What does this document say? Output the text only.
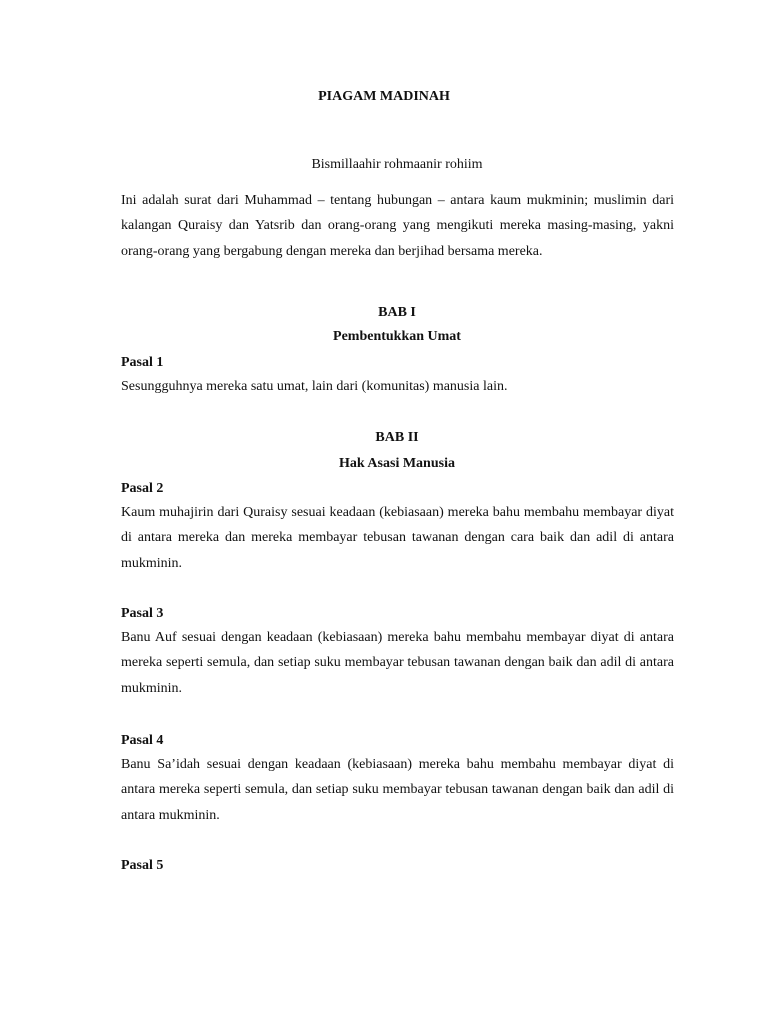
PIAGAM MADINAH
Bismillaahir rohmaanir rohiim

Ini adalah surat dari Muhammad – tentang hubungan – antara kaum mukminin; muslimin dari kalangan Quraisy dan Yatsrib dan orang-orang yang mengikuti mereka masing-masing, yakni orang-orang yang bergabung dengan mereka dan berjihad bersama mereka.

BAB I
Pembentukkan Umat
Pasal 1

Sesungguhnya mereka satu umat, lain dari (komunitas) manusia lain.

BAB II
Hak Asasi Manusia
Pasal 2

Kaum muhajirin dari Quraisy sesuai keadaan (kebiasaan) mereka bahu membahu membayar diyat di antara mereka dan mereka membayar tebusan tawanan dengan cara baik dan adil di antara mukminin.

Pasal 3

Banu Auf sesuai dengan keadaan (kebiasaan) mereka bahu membahu membayar diyat di antara mereka seperti semula, dan setiap suku membayar tebusan tawanan dengan baik dan adil di antara mukminin.

Pasal 4

Banu Sa’idah sesuai dengan keadaan (kebiasaan) mereka bahu membahu membayar diyat di antara mereka seperti semula, dan setiap suku membayar tebusan tawanan dengan baik dan adil di antara mukminin.

Pasal 5
